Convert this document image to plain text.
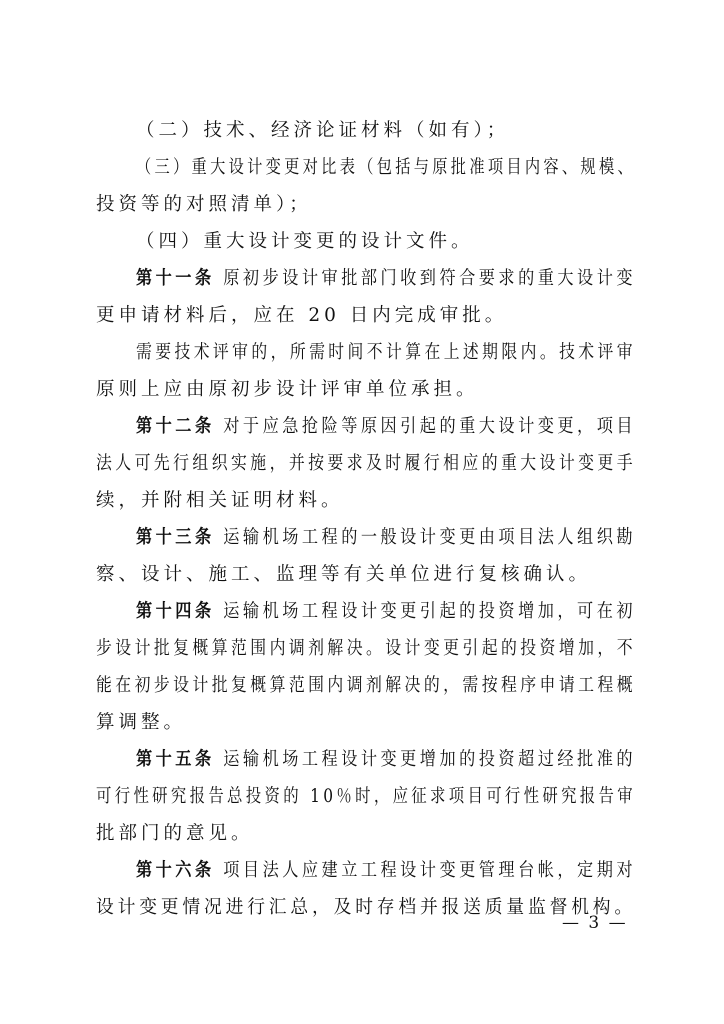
（二）技术、经济论证材料（如有）；
（三）重大设计变更对比表（包括与原批准项目内容、规模、
投资等的对照清单）；
（四）重大设计变更的设计文件。
第十一条 原初步设计审批部门收到符合要求的重大设计变
更申请材料后，应在 20 日内完成审批。
需要技术评审的，所需时间不计算在上述期限内。技术评审
原则上应由原初步设计评审单位承担。
第十二条 对于应急抢险等原因引起的重大设计变更，项目
法人可先行组织实施，并按要求及时履行相应的重大设计变更手
续，并附相关证明材料。
第十三条 运输机场工程的一般设计变更由项目法人组织勘
察、设计、施工、监理等有关单位进行复核确认。
第十四条 运输机场工程设计变更引起的投资增加，可在初
步设计批复概算范围内调剂解决。设计变更引起的投资增加，不
能在初步设计批复概算范围内调剂解决的，需按程序申请工程概
算调整。
第十五条 运输机场工程设计变更增加的投资超过经批准的
可行性研究报告总投资的 10％时，应征求项目可行性研究报告审
批部门的意见。
第十六条 项目法人应建立工程设计变更管理台帐，定期对
设计变更情况进行汇总，及时存档并报送质量监督机构。
— 3 —
